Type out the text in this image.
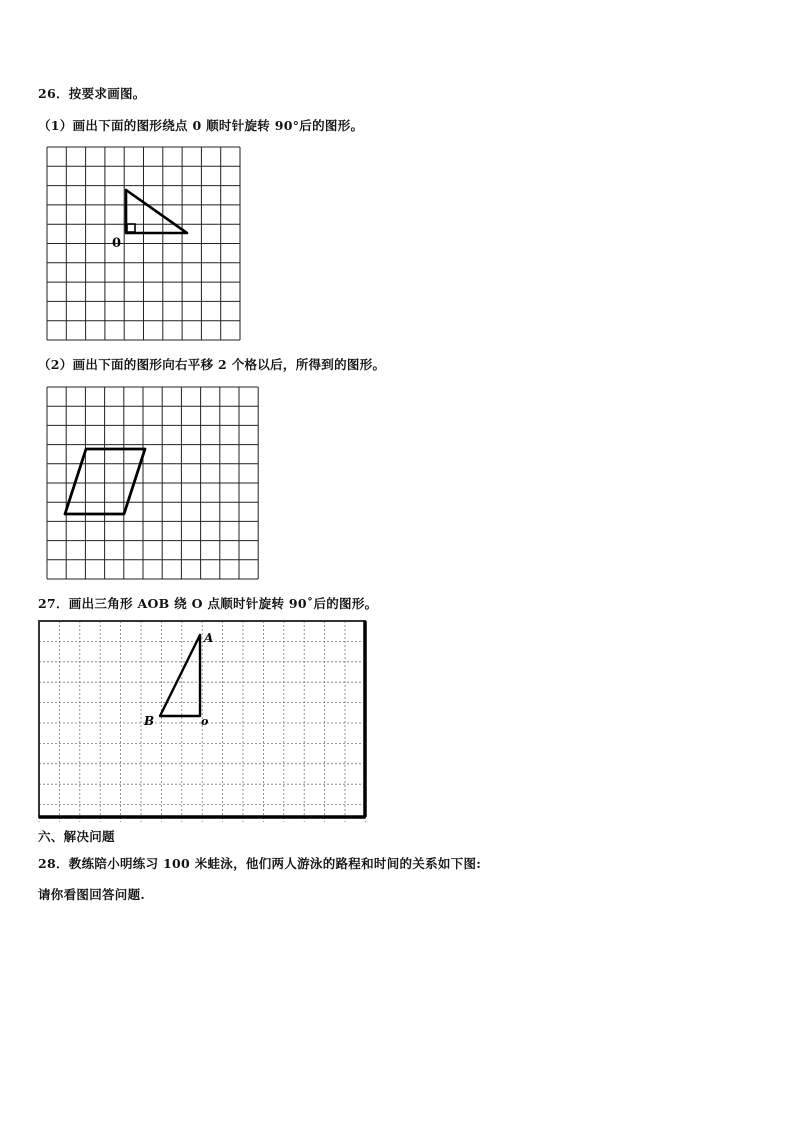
26．按要求画图。
（1）画出下面的图形绕点 0 顺时针旋转 90°后的图形。
0
（2）画出下面的图形向右平移 2 个格以后，所得到的图形。
27．画出三角形 AOB 绕 O 点顺时针旋转 90˚后的图形。
A
B	o
六、解决问题
28．教练陪小明练习 100 米蛙泳，他们两人游泳的路程和时间的关系如下图:
请你看图回答问题.
